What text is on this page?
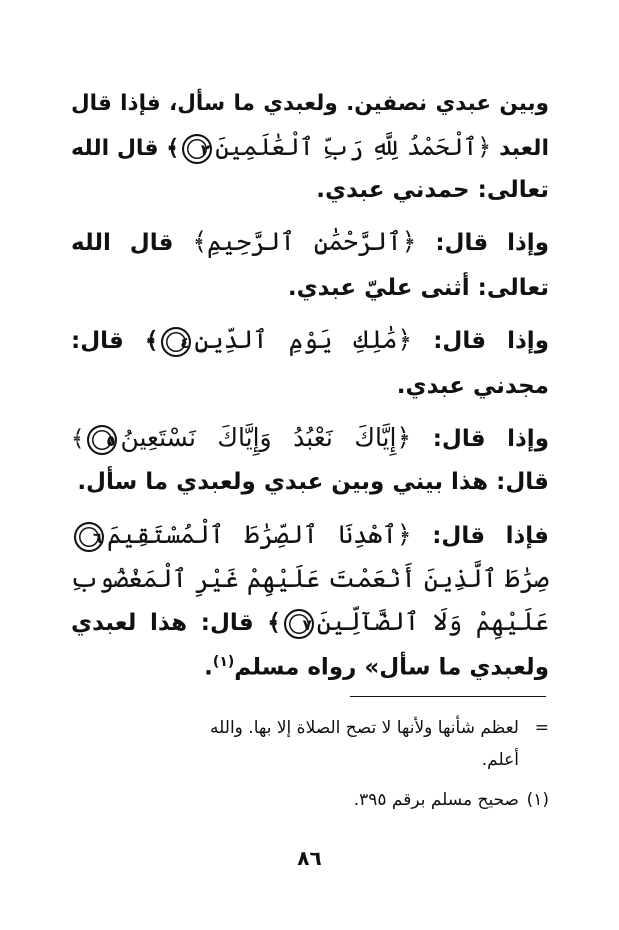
وبين عبدي نصفين. ولعبدي ما سأل، فإذا قال
العبد ﴿ٱلْحَمْدُ لِلَّهِ رَبِّ ٱلْعَٰلَمِينَ٢﴾ قال الله
تعالى: حمدني عبدي.
وإذا قال: ﴿ٱلرَّحْمَٰنِ ٱلرَّحِيمِ﴾ قال الله
تعالى: أثنى عليّ عبدي.
وإذا قال: ﴿مَٰلِكِ يَوْمِ ٱلدِّينِ٤﴾ قال:
مجدني عبدي.
وإذا قال: ﴿إِيَّاكَ نَعْبُدُ وَإِيَّاكَ نَسْتَعِينُ٥﴾
قال: هذا بيني وبين عبدي ولعبدي ما سأل.
فإذا قال: ﴿ٱهْدِنَا ٱلصِّرَٰطَ ٱلْمُسْتَقِيمَ٦
صِرَٰطَ ٱلَّذِينَ أَنْعَمْتَ عَلَيْهِمْ غَيْرِ ٱلْمَغْضُوبِ
عَلَيْهِمْ وَلَا ٱلضَّآلِّينَ٧﴾ قال: هذا لعبدي
ولعبدي ما سأل» رواه مسلم$^{(١)}$.
=لعظم شأنها ولأنها لا تصح الصلاة إلا بها. والله
أعلم.
(١)صحيح مسلم برقم ٣٩٥.
٨٦
